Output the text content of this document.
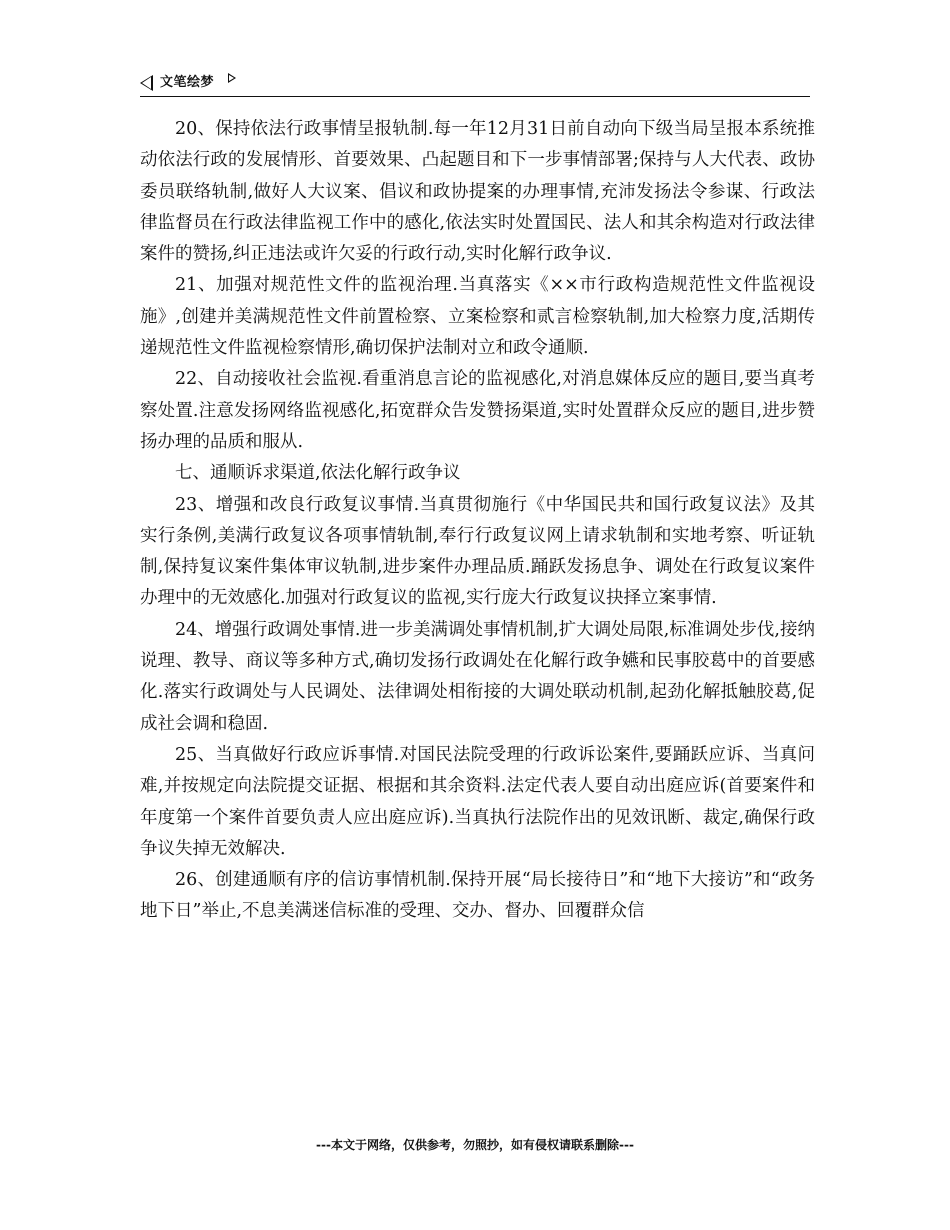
文笔绘梦

20、保持依法行政事情呈报轨制.每一年12月31日前自动向下级当局呈报本系统推动依法行政的发展情形、首要效果、凸起题目和下一步事情部署;保持与人大代表、政协委员联络轨制,做好人大议案、倡议和政协提案的办理事情,充沛发扬法令参谋、行政法律监督员在行政法律监视工作中的感化,依法实时处置国民、法人和其余构造对行政法律案件的赞扬,纠正违法或许欠妥的行政行动,实时化解行政争议.

21、加强对规范性文件的监视治理.当真落实《××市行政构造规范性文件监视设施》,创建并美满规范性文件前置检察、立案检察和贰言检察轨制,加大检察力度,活期传递规范性文件监视检察情形,确切保护法制对立和政令通顺.

22、自动接收社会监视.看重消息言论的监视感化,对消息媒体反应的题目,要当真考察处置.注意发扬网络监视感化,拓宽群众告发赞扬渠道,实时处置群众反应的题目,进步赞扬办理的品质和服从.

七、通顺诉求渠道,依法化解行政争议

23、增强和改良行政复议事情.当真贯彻施行《中华国民共和国行政复议法》及其实行条例,美满行政复议各项事情轨制,奉行行政复议网上请求轨制和实地考察、听证轨制,保持复议案件集体审议轨制,进步案件办理品质.踊跃发扬息争、调处在行政复议案件办理中的无效感化.加强对行政复议的监视,实行庞大行政复议抉择立案事情.

24、增强行政调处事情.进一步美满调处事情机制,扩大调处局限,标准调处步伐,接纳说理、教导、商议等多种方式,确切发扬行政调处在化解行政争嬿和民事胶葛中的首要感化.落实行政调处与人民调处、法律调处相衔接的大调处联动机制,起劲化解抵触胶葛,促成社会调和稳固.

25、当真做好行政应诉事情.对国民法院受理的行政诉讼案件,要踊跃应诉、当真问难,并按规定向法院提交证据、根据和其余资料.法定代表人要自动出庭应诉(首要案件和年度第一个案件首要负责人应出庭应诉).当真执行法院作出的见效讯断、裁定,确保行政争议失掉无效解决.

26、创建通顺有序的信访事情机制.保持开展“局长接待日”和“地下大接访”和“政务地下日”举止,不息美满迷信标准的受理、交办、督办、回覆群众信

---本文于网络，仅供参考，勿照抄，如有侵权请联系删除---
